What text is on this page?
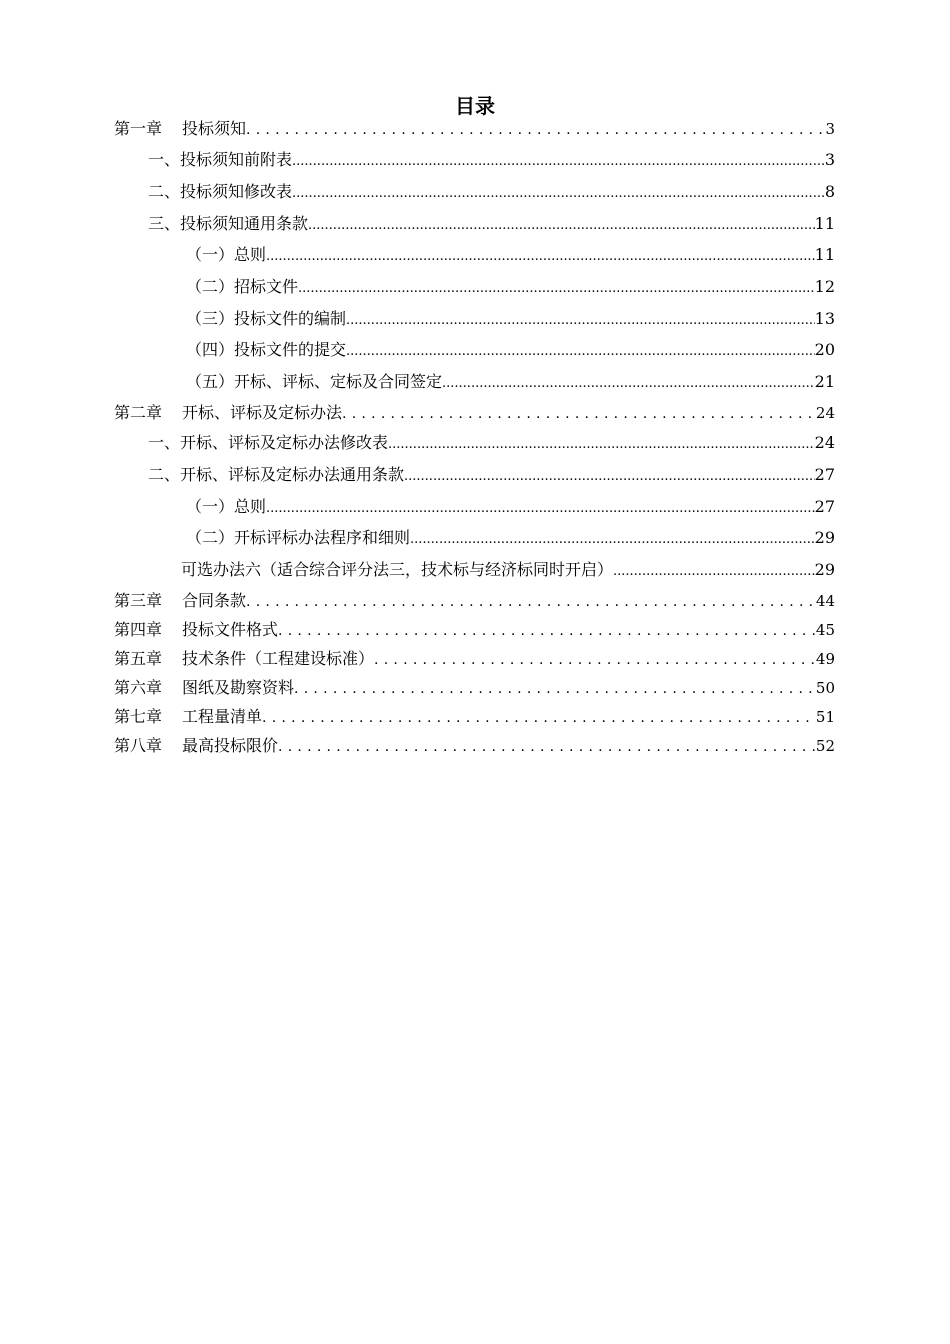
目录
第一章 投标须知 . . .	3
一、投标须知前附表 .....	3
二、投标须知修改表 .....	8
三、投标须知通用条款 .....	11
（一）总则 .....	11
（二）招标文件 .....	12
（三）投标文件的编制 .....	13
（四）投标文件的提交 .....	20
（五）开标、评标、定标及合同签定 .....	21
第二章 开标、评标及定标办法 . . .	24
一、开标、评标及定标办法修改表 .....	24
二、开标、评标及定标办法通用条款 .....	27
（一）总则 .....	27
（二）开标评标办法程序和细则 .....	29
可选办法六（适合综合评分法三，技术标与经济标同时开启） .....	29
第三章 合同条款 . . .	44
第四章 投标文件格式 . . .	45
第五章 技术条件（工程建设标准） . . .	49
第六章 图纸及勘察资料 . . .	50
第七章 工程量清单 . . .	51
第八章 最高投标限价 . . .	52
